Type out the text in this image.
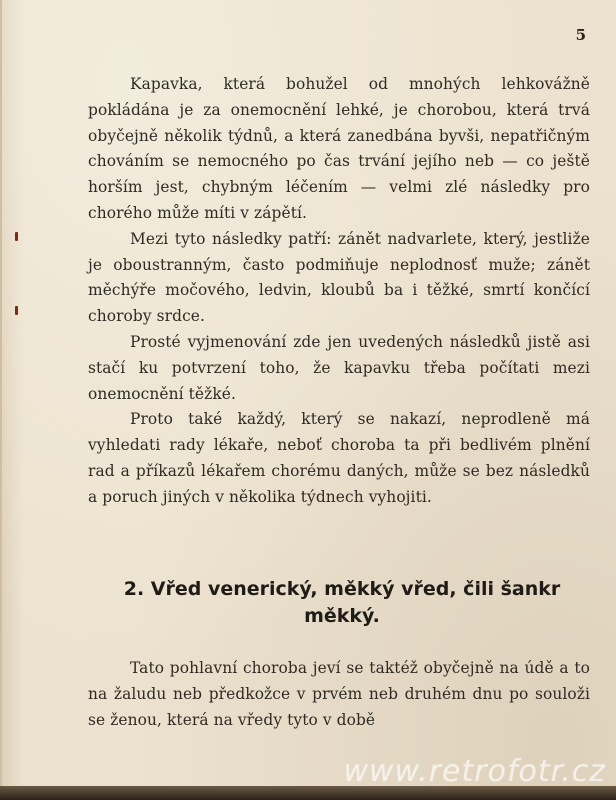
5

Kapavka, která bohužel od mnohých lehkovážně pokládána je za onemocnění lehké, je chorobou, která trvá obyčejně několik týdnů, a která zanedbána byvši, nepatřičným chováním se nemocného po čas trvání jejího neb — co ještě horším jest, chybným léčením — velmi zlé následky pro chorého může míti v zápětí.

Mezi tyto následky patří: zánět nadvarlete, který, jestliže je oboustranným, často podmiňuje neplodnosť muže; zánět měchýře močového, ledvin, kloubů ba i těžké, smrtí končící choroby srdce.

Prosté vyjmenování zde jen uvedených následků jistě asi stačí ku potvrzení toho, že kapavku třeba počítati mezi onemocnění těžké.

Proto také každý, který se nakazí, neprodleně má vyhledati rady lékaře, neboť choroba ta při bedlivém plnění rad a příkazů lékařem chorému daných, může se bez následků a poruch jiných v několika týdnech vyhojiti.

2. Vřed venerický, měkký vřed, čili šankr měkký.

Tato pohlavní choroba jeví se taktéž obyčejně na údě a to na žaludu neb předkožce v prvém neb druhém dnu po souloži se ženou, která na vředy tyto v době

www.retrofotr.cz
